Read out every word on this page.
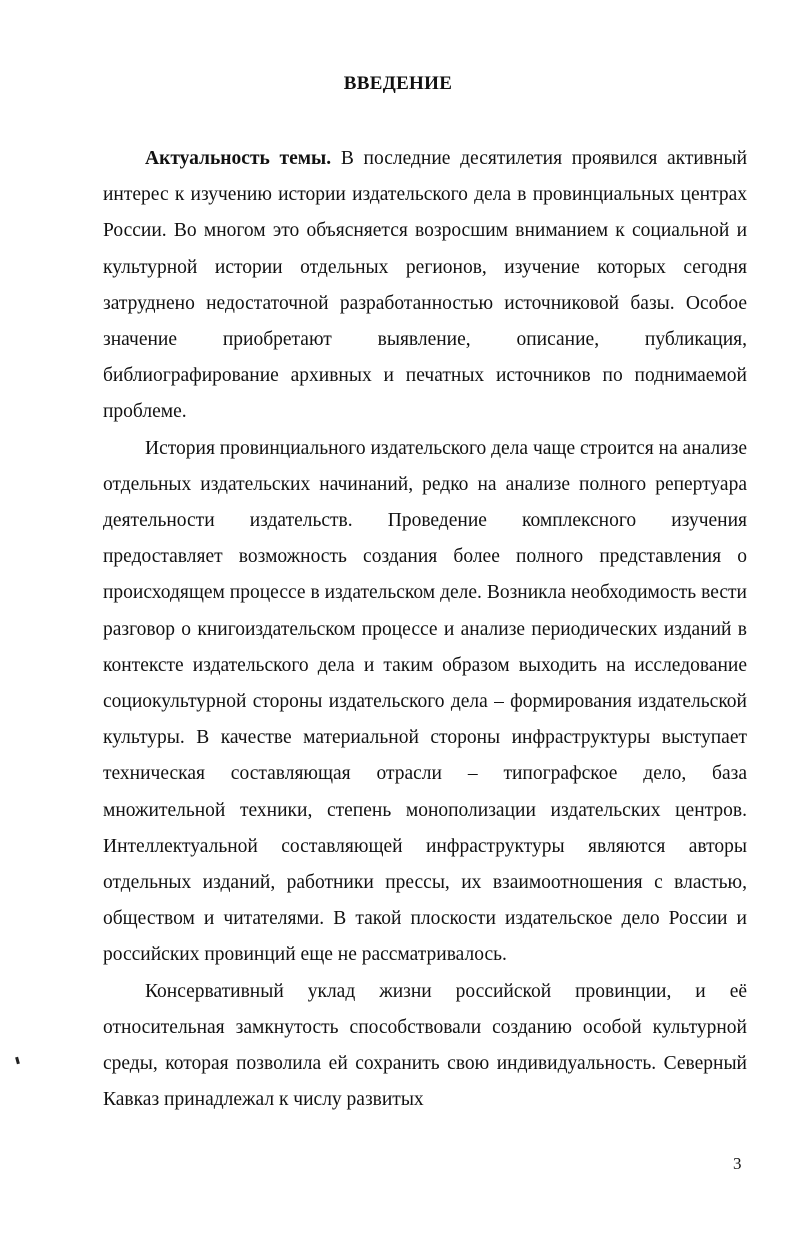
ВВЕДЕНИЕ

Актуальность темы. В последние десятилетия проявился активный интерес к изучению истории издательского дела в провинциальных центрах России. Во многом это объясняется возросшим вниманием к социальной и культурной истории отдельных регионов, изучение которых сегодня затруднено недостаточной разработанностью источниковой базы. Особое значение приобретают выявление, описание, публикация, библиографирование архивных и печатных источников по поднимаемой проблеме.

История провинциального издательского дела чаще строится на анализе отдельных издательских начинаний, редко на анализе полного репертуара деятельности издательств. Проведение комплексного изучения предоставляет возможность создания более полного представления о происходящем процессе в издательском деле. Возникла необходимость вести разговор о книгоиздательском процессе и анализе периодических изданий в контексте издательского дела и таким образом выходить на исследование социокультурной стороны издательского дела – формирования издательской культуры. В качестве материальной стороны инфраструктуры выступает техническая составляющая отрасли – типографское дело, база множительной техники, степень монополизации издательских центров. Интеллектуальной составляющей инфраструктуры являются авторы отдельных изданий, работники прессы, их взаимоотношения с властью, обществом и читателями. В такой плоскости издательское дело России и российских провинций еще не рассматривалось.

Консервативный уклад жизни российской провинции, и её относительная замкнутость способствовали созданию особой культурной среды, которая позволила ей сохранить свою индивидуальность. Северный Кавказ принадлежал к числу развитых

3
